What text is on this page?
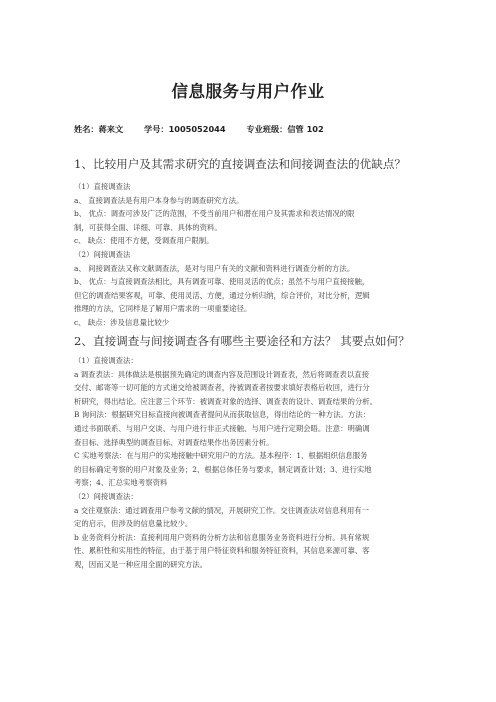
信息服务与用户作业
姓名：蒋来文	学号：1005052044	专业班级：信管 102
1、比较用户及其需求研究的直接调查法和间接调查法的优缺点？
（1）直接调查法
a、 直接调查法是有用户本身参与的调查研究方法。
b、 优点：调查可涉及广泛的范围，不受当前用户和潜在用户及其需求和表达情况的限
制，可获得全面、详细、可靠、具体的资料。
c、 缺点：使用不方便，受调查用户限制。
（2）间接调查法
a、 间接调查法又称文献调查法，是对与用户有关的文献和资料进行调查分析的方法。
b、 优点：与直接调查法相比，具有调查可靠、使用灵活的优点；虽然不与用户直接接触，
但它的调查结果客观，可靠、使用灵活、方便，通过分析归纳，综合评价，对比分析，逻辑
推理的方法，它同样是了解用户需求的一项重要途径。
c、 缺点：涉及信息量比较少
2、直接调查与间接调查各有哪些主要途径和方法？ 其要点如何？
（1）直接调查法：
a 调查表法：具体做法是根据预先确定的调查内容及范围设计调查表，然后将调查表以直接
交付、邮寄等一切可能的方式递交给被调查者，待被调查者按要求填好表格后收回，进行分
析研究，得出结论。应注意三个环节：被调查对象的选择、调查表的设计、调查结果的分析。
B 询问法：根据研究目标直接向被调查者提问从而获取信息，得出结论的一种方法。方法：
通过书面联系、与用户交谈、与用户进行非正式接触、与用户进行定期会晤。注意：明确调
查目标、选择典型的调查目标、对调查结果作出务因素分析。
C 实地考察法：在与用户的实地接触中研究用户的方法。基本程序：1、根据组织信息服务
的目标确定考察的用户对象及业务；2、根据总体任务与要求，制定调查计划；3、进行实地
考察；4、汇总实地考察资料
（2）间接调查法：
a 交往观察法：通过调查用户参考文献的情况，开展研究工作。交往调查法对信息利用有一
定的启示，但涉及的信息量比较少。
b 业务资料分析法：直接利用用户资料的分析方法和信息服务业务资料进行分析。具有常规
性、累积性和实用性的特征，由于基于用户特征资料和服务特征资料，其信息来源可靠、客
观，因而又是一种应用全面的研究方法。
